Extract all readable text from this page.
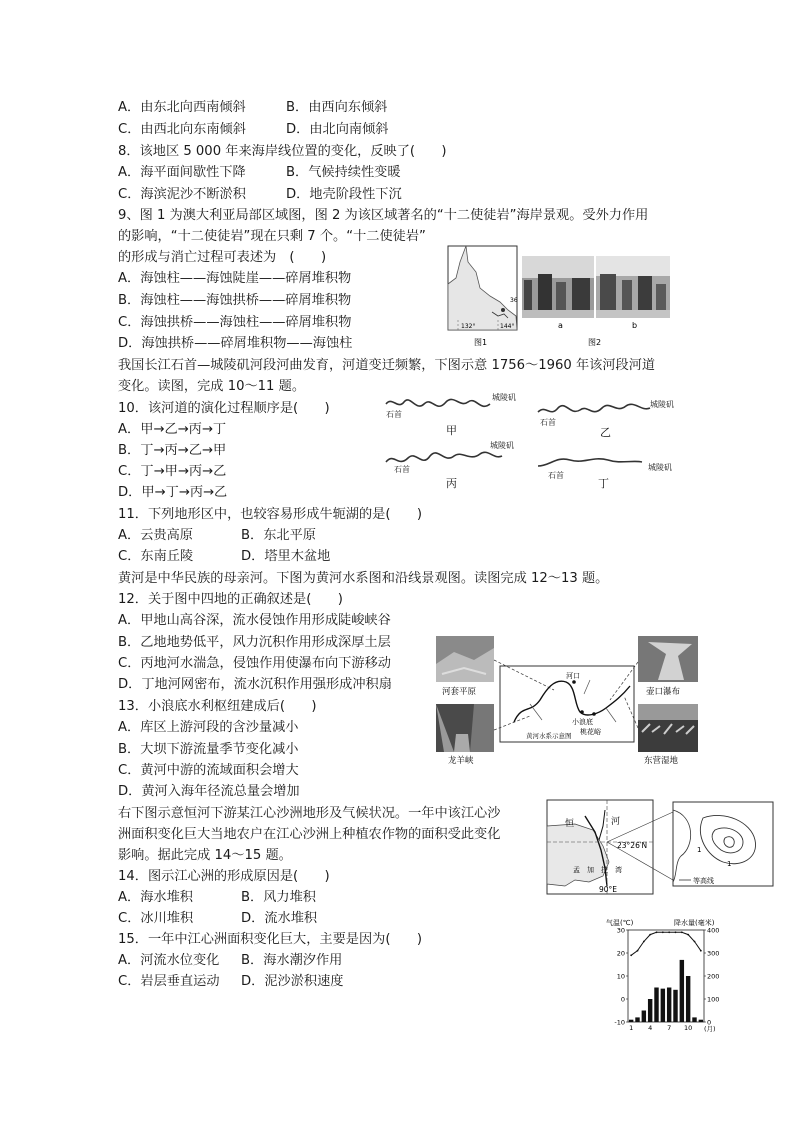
A．由东北向西南倾斜	B．由西向东倾斜
C．由西北向东南倾斜	D．由北向南倾斜
8．该地区 5 000 年来海岸线位置的变化，反映了(　　)
A．海平面间歇性下降	B．气候持续性变暖
C．海滨泥沙不断淤积	D．地壳阶段性下沉
9、图 1 为澳大利亚局部区域图，图 2 为该区域著名的“十二使徒岩”海岸景观。受外力作用
的影响，“十二使徒岩”现在只剩 7 个。“十二使徒岩”
的形成与消亡过程可表述为　(　　)
A．海蚀柱——海蚀陡崖——碎屑堆积物
B．海蚀柱——海蚀拱桥——碎屑堆积物
C．海蚀拱桥——海蚀柱——碎屑堆积物
D．海蚀拱桥——碎屑堆积物——海蚀柱
我国长江石首—城陵矶河段河曲发育，河道变迁频繁，下图示意 1756～1960 年该河段河道
变化。读图，完成 10～11 题。
10．该河道的演化过程顺序是(　　)
A．甲→乙→丙→丁
B．丁→丙→乙→甲
C．丁→甲→丙→乙
D．甲→丁→丙→乙
11．下列地形区中，也较容易形成牛轭湖的是(　　)
A．云贵高原	B．东北平原
C．东南丘陵	D．塔里木盆地
黄河是中华民族的母亲河。下图为黄河水系图和沿线景观图。读图完成 12～13 题。
12．关于图中四地的正确叙述是(　　)
A．甲地山高谷深，流水侵蚀作用形成陡峻峡谷
B．乙地地势低平，风力沉积作用形成深厚土层
C．丙地河水湍急，侵蚀作用使瀑布向下游移动
D．丁地河网密布，流水沉积作用强形成冲积扇
13．小浪底水利枢纽建成后(　　)
A．库区上游河段的含沙量减小
B．大坝下游流量季节变化减小
C．黄河中游的流域面积会增大
D．黄河入海年径流总量会增加
右下图示意恒河下游某江心沙洲地形及气候状况。一年中该江心沙
洲面积变化巨大当地农户在江心沙洲上种植农作物的面积受此变化
影响。据此完成 14～15 题。
14．图示江心洲的形成原因是(　　)
A．海水堆积	B．风力堆积
C．冰川堆积	D．流水堆积
15．一年中江心洲面积变化巨大，主要是因为(　　)
A．河流水位变化 B．海水潮汐作用
C．岩层垂直运动 D．泥沙淤积速度
36
132°	144°	a	b
图1	图2
石首
城陵矶
石首
城陵矶
石首
城陵矶
石首
城陵矶
甲	乙
丙	丁
河套平原	壶口瀑布
龙羊峡	东营湿地
河口
小浪底
桃花峪
黄河水系示意图
恒	河
23°26′N
孟　加　拉　湾
90°E
1
1
等高线
气温(℃)	降水量(毫米)
30
20
10
0
-10
400
300
200
100
0
1 4 7 10 (月)
